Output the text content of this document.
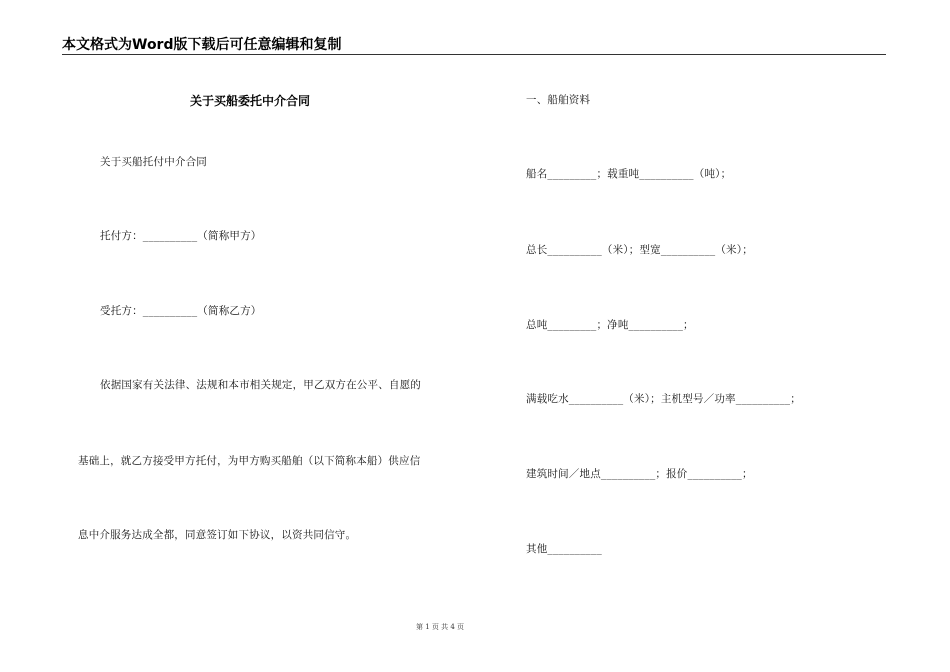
本文格式为Word版下载后可任意编辑和复制
关于买船委托中介合同
关于买船托付中介合同
托付方：__________（简称甲方）
受托方：__________（简称乙方）
依据国家有关法律、法规和本市相关规定，甲乙双方在公平、自愿的
基础上，就乙方接受甲方托付，为甲方购买船舶（以下简称本船）供应信
息中介服务达成全都，同意签订如下协议，以资共同信守。
一、船舶资料
船名_________；载重吨__________（吨）；
总长__________（米）；型宽__________（米）；
总吨_________；净吨__________；
满载吃水__________（米）；主机型号／功率__________；
建筑时间／地点__________；报价__________；
其他__________
第 1 页 共 4 页
